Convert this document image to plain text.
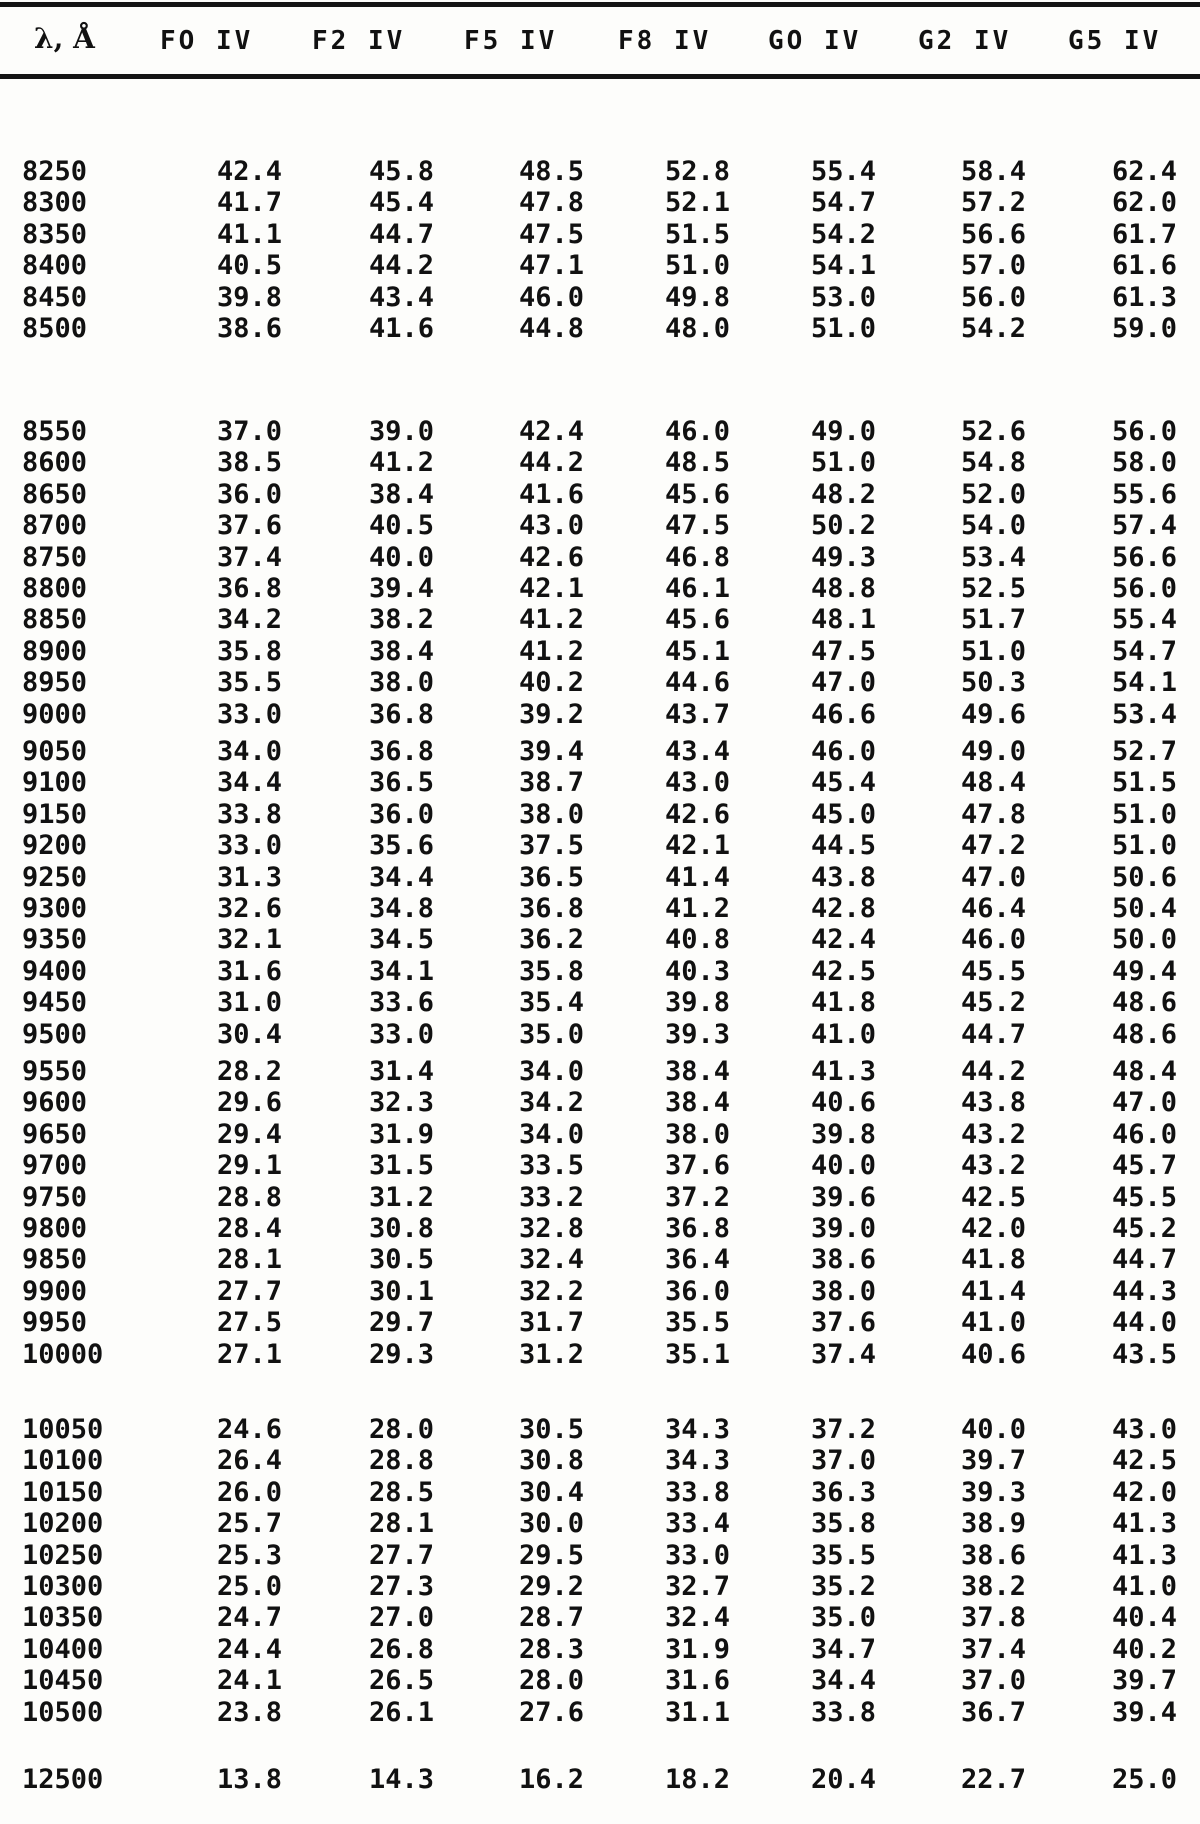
λ, Å	FO IV F2 IV F5 IV F8 IV GO IV G2 IV G5 IV
8250	42.4	45.8	48.5	52.8	55.4	58.4	62.4
8300	41.7	45.4	47.8	52.1	54.7	57.2	62.0
8350	41.1	44.7	47.5	51.5	54.2	56.6	61.7
8400	40.5	44.2	47.1	51.0	54.1	57.0	61.6
8450	39.8	43.4	46.0	49.8	53.0	56.0	61.3
8500	38.6	41.6	44.8	48.0	51.0	54.2	59.0
8550	37.0	39.0	42.4	46.0	49.0	52.6	56.0
8600	38.5	41.2	44.2	48.5	51.0	54.8	58.0
8650	36.0	38.4	41.6	45.6	48.2	52.0	55.6
8700	37.6	40.5	43.0	47.5	50.2	54.0	57.4
8750	37.4	40.0	42.6	46.8	49.3	53.4	56.6
8800	36.8	39.4	42.1	46.1	48.8	52.5	56.0
8850	34.2	38.2	41.2	45.6	48.1	51.7	55.4
8900	35.8	38.4	41.2	45.1	47.5	51.0	54.7
8950	35.5	38.0	40.2	44.6	47.0	50.3	54.1
9000	33.0	36.8	39.2	43.7	46.6	49.6	53.4
9050	34.0	36.8	39.4	43.4	46.0	49.0	52.7
9100	34.4	36.5	38.7	43.0	45.4	48.4	51.5
9150	33.8	36.0	38.0	42.6	45.0	47.8	51.0
9200	33.0	35.6	37.5	42.1	44.5	47.2	51.0
9250	31.3	34.4	36.5	41.4	43.8	47.0	50.6
9300	32.6	34.8	36.8	41.2	42.8	46.4	50.4
9350	32.1	34.5	36.2	40.8	42.4	46.0	50.0
9400	31.6	34.1	35.8	40.3	42.5	45.5	49.4
9450	31.0	33.6	35.4	39.8	41.8	45.2	48.6
9500	30.4	33.0	35.0	39.3	41.0	44.7	48.6
9550	28.2	31.4	34.0	38.4	41.3	44.2	48.4
9600	29.6	32.3	34.2	38.4	40.6	43.8	47.0
9650	29.4	31.9	34.0	38.0	39.8	43.2	46.0
9700	29.1	31.5	33.5	37.6	40.0	43.2	45.7
9750	28.8	31.2	33.2	37.2	39.6	42.5	45.5
9800	28.4	30.8	32.8	36.8	39.0	42.0	45.2
9850	28.1	30.5	32.4	36.4	38.6	41.8	44.7
9900	27.7	30.1	32.2	36.0	38.0	41.4	44.3
9950	27.5	29.7	31.7	35.5	37.6	41.0	44.0
10000	27.1	29.3	31.2	35.1	37.4	40.6	43.5
10050	24.6	28.0	30.5	34.3	37.2	40.0	43.0
10100	26.4	28.8	30.8	34.3	37.0	39.7	42.5
10150	26.0	28.5	30.4	33.8	36.3	39.3	42.0
10200	25.7	28.1	30.0	33.4	35.8	38.9	41.3
10250	25.3	27.7	29.5	33.0	35.5	38.6	41.3
10300	25.0	27.3	29.2	32.7	35.2	38.2	41.0
10350	24.7	27.0	28.7	32.4	35.0	37.8	40.4
10400	24.4	26.8	28.3	31.9	34.7	37.4	40.2
10450	24.1	26.5	28.0	31.6	34.4	37.0	39.7
10500	23.8	26.1	27.6	31.1	33.8	36.7	39.4
12500	13.8	14.3	16.2	18.2	20.4	22.7	25.0
